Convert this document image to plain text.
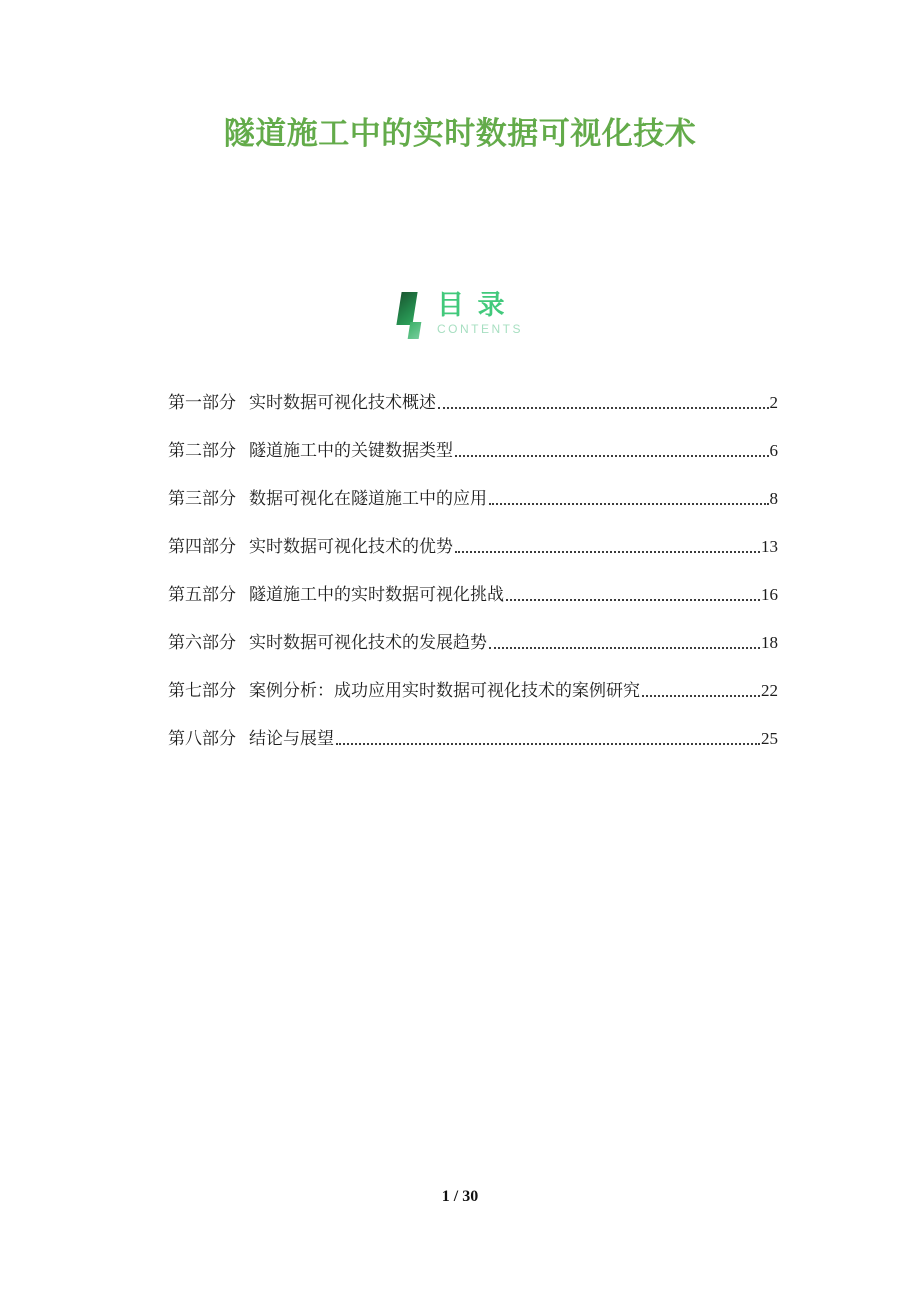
隧道施工中的实时数据可视化技术
目 录
CONTENTS
第一部分 实时数据可视化技术概述	2
第二部分 隧道施工中的关键数据类型	6
第三部分 数据可视化在隧道施工中的应用	8
第四部分 实时数据可视化技术的优势	13
第五部分 隧道施工中的实时数据可视化挑战	16
第六部分 实时数据可视化技术的发展趋势	18
第七部分 案例分析：成功应用实时数据可视化技术的案例研究	22
第八部分 结论与展望	25
1 / 30
